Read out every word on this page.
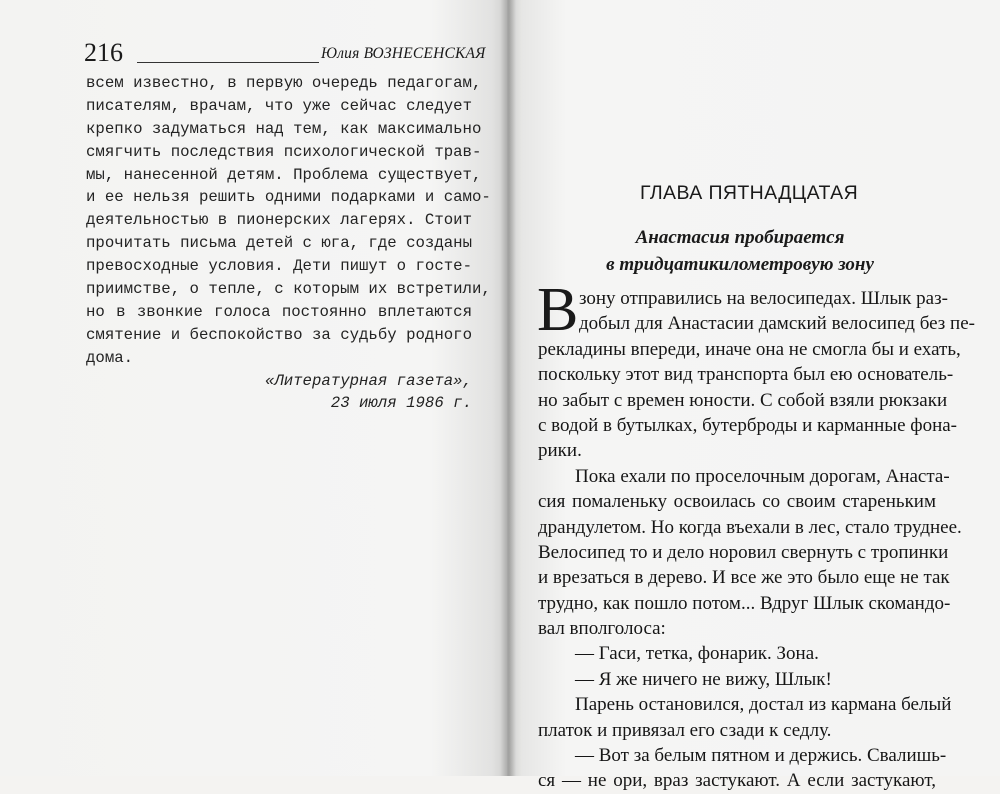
216	Юлия ВОЗНЕСЕНСКАЯ
всем известно, в первую очередь педагогам,
писателям, врачам, что уже сейчас следует
крепко задуматься над тем, как максимально
смягчить последствия психологической трав-
мы, нанесенной детям. Проблема существует,
и ее нельзя решить одними подарками и само-
деятельностью в пионерских лагерях. Стоит
прочитать письма детей с юга, где созданы
превосходные условия. Дети пишут о госте-
приимстве, о тепле, с которым их встретили,
но в звонкие голоса постоянно вплетаются
смятение и беспокойство за судьбу родного
дома.
«Литературная газета»,
23 июля 1986 г.
ГЛАВА ПЯТНАДЦАТАЯ
Анастасия пробирается
в тридцатикилометровую зону
В зону отправились на велосипедах. Шлык раз-
добыл для Анастасии дамский велосипед без пе-
рекладины впереди, иначе она не смогла бы и ехать,
поскольку этот вид транспорта был ею основатель-
но забыт с времен юности. С собой взяли рюкзаки
с водой в бутылках, бутерброды и карманные фона-
рики.
Пока ехали по проселочным дорогам, Анаста-
сия помаленьку освоилась со своим стареньким
драндулетом. Но когда въехали в лес, стало труднее.
Велосипед то и дело норовил свернуть с тропинки
и врезаться в дерево. И все же это было еще не так
трудно, как пошло потом... Вдруг Шлык скомандо-
вал вполголоса:
— Гаси, тетка, фонарик. Зона.
— Я же ничего не вижу, Шлык!
Парень остановился, достал из кармана белый
платок и привязал его сзади к седлу.
— Вот за белым пятном и держись. Свалишь-
ся — не ори, враз застукают. А если застукают,
